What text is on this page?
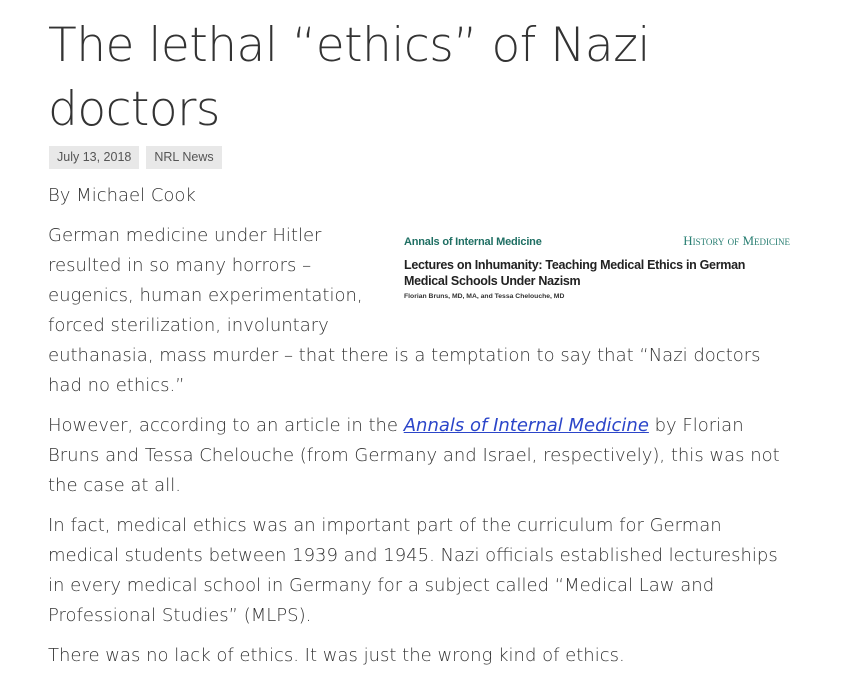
The lethal “ethics” of Nazi doctors
July 13, 2018	NRL News

By Michael Cook

Annals of Internal Medicine	History of Medicine
Lectures on Inhumanity: Teaching Medical Ethics in German Medical Schools Under Nazism
Florian Bruns, MD, MA, and Tessa Chelouche, MD

German medicine under Hitler resulted in so many horrors – eugenics, human experimentation, forced sterilization, involuntary euthanasia, mass murder – that there is a temptation to say that “Nazi doctors had no ethics.”

However, according to an article in the Annals of Internal Medicine by Florian Bruns and Tessa Chelouche (from Germany and Israel, respectively), this was not the case at all.

In fact, medical ethics was an important part of the curriculum for German medical students between 1939 and 1945. Nazi officials established lectureships in every medical school in Germany for a subject called “Medical Law and Professional Studies” (MLPS).

There was no lack of ethics. It was just the wrong kind of ethics.
